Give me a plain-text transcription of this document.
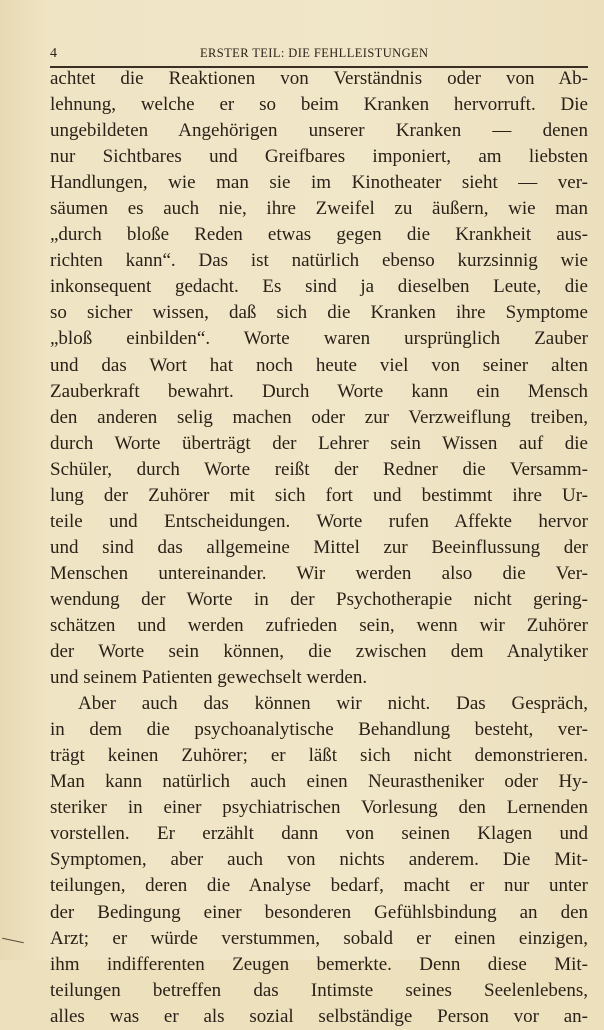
4	ERSTER TEIL: DIE FEHLLEISTUNGEN
achtet die Reaktionen von Verständnis oder von Ab-
lehnung, welche er so beim Kranken hervorruft. Die
ungebildeten Angehörigen unserer Kranken — denen
nur Sichtbares und Greifbares imponiert, am liebsten
Handlungen, wie man sie im Kinotheater sieht — ver-
säumen es auch nie, ihre Zweifel zu äußern, wie man
„durch bloße Reden etwas gegen die Krankheit aus-
richten kann“. Das ist natürlich ebenso kurzsinnig wie
inkonsequent gedacht. Es sind ja dieselben Leute, die
so sicher wissen, daß sich die Kranken ihre Symptome
„bloß einbilden“. Worte waren ursprünglich Zauber
und das Wort hat noch heute viel von seiner alten
Zauberkraft bewahrt. Durch Worte kann ein Mensch
den anderen selig machen oder zur Verzweiflung treiben,
durch Worte überträgt der Lehrer sein Wissen auf die
Schüler, durch Worte reißt der Redner die Versamm-
lung der Zuhörer mit sich fort und bestimmt ihre Ur-
teile und Entscheidungen. Worte rufen Affekte hervor
und sind das allgemeine Mittel zur Beeinflussung der
Menschen untereinander. Wir werden also die Ver-
wendung der Worte in der Psychotherapie nicht gering-
schätzen und werden zufrieden sein, wenn wir Zuhörer
der Worte sein können, die zwischen dem Analytiker
und seinem Patienten gewechselt werden.
Aber auch das können wir nicht. Das Gespräch,
in dem die psychoanalytische Behandlung besteht, ver-
trägt keinen Zuhörer; er läßt sich nicht demonstrieren.
Man kann natürlich auch einen Neurastheniker oder Hy-
steriker in einer psychiatrischen Vorlesung den Lernenden
vorstellen. Er erzählt dann von seinen Klagen und
Symptomen, aber auch von nichts anderem. Die Mit-
teilungen, deren die Analyse bedarf, macht er nur unter
der Bedingung einer besonderen Gefühlsbindung an den
Arzt; er würde verstummen, sobald er einen einzigen,
ihm indifferenten Zeugen bemerkte. Denn diese Mit-
teilungen betreffen das Intimste seines Seelenlebens,
alles was er als sozial selbständige Person vor an-
